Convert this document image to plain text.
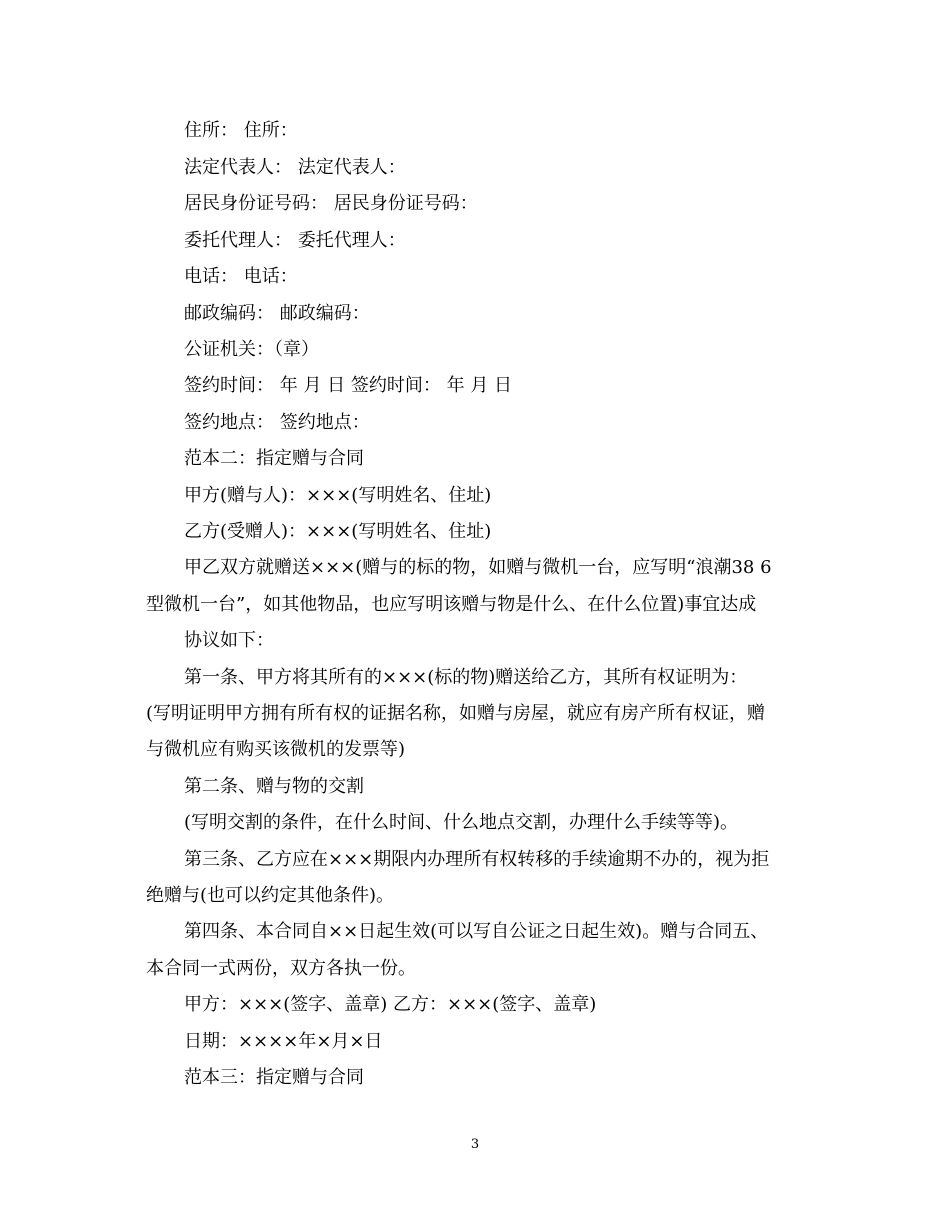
住所： 住所：
法定代表人： 法定代表人：
居民身份证号码： 居民身份证号码：
委托代理人： 委托代理人：
电话： 电话：
邮政编码： 邮政编码：
公证机关：（章）
签约时间： 年 月 日 签约时间： 年 月 日
签约地点： 签约地点：
范本二：指定赠与合同
甲方(赠与人)：×××(写明姓名、住址)
乙方(受赠人)：×××(写明姓名、住址)
甲乙双方就赠送×××(赠与的标的物，如赠与微机一台，应写明“浪潮38 6
型微机一台”，如其他物品，也应写明该赠与物是什么、在什么位置)事宜达成
协议如下：
第一条、甲方将其所有的×××(标的物)赠送给乙方，其所有权证明为：
(写明证明甲方拥有所有权的证据名称，如赠与房屋，就应有房产所有权证，赠
与微机应有购买该微机的发票等)
第二条、赠与物的交割
(写明交割的条件，在什么时间、什么地点交割，办理什么手续等等)。
第三条、乙方应在×××期限内办理所有权转移的手续逾期不办的，视为拒
绝赠与(也可以约定其他条件)。
第四条、本合同自××日起生效(可以写自公证之日起生效)。赠与合同五、
本合同一式两份，双方各执一份。
甲方：×××(签字、盖章) 乙方：×××(签字、盖章)
日期：××××年×月×日
范本三：指定赠与合同
3
